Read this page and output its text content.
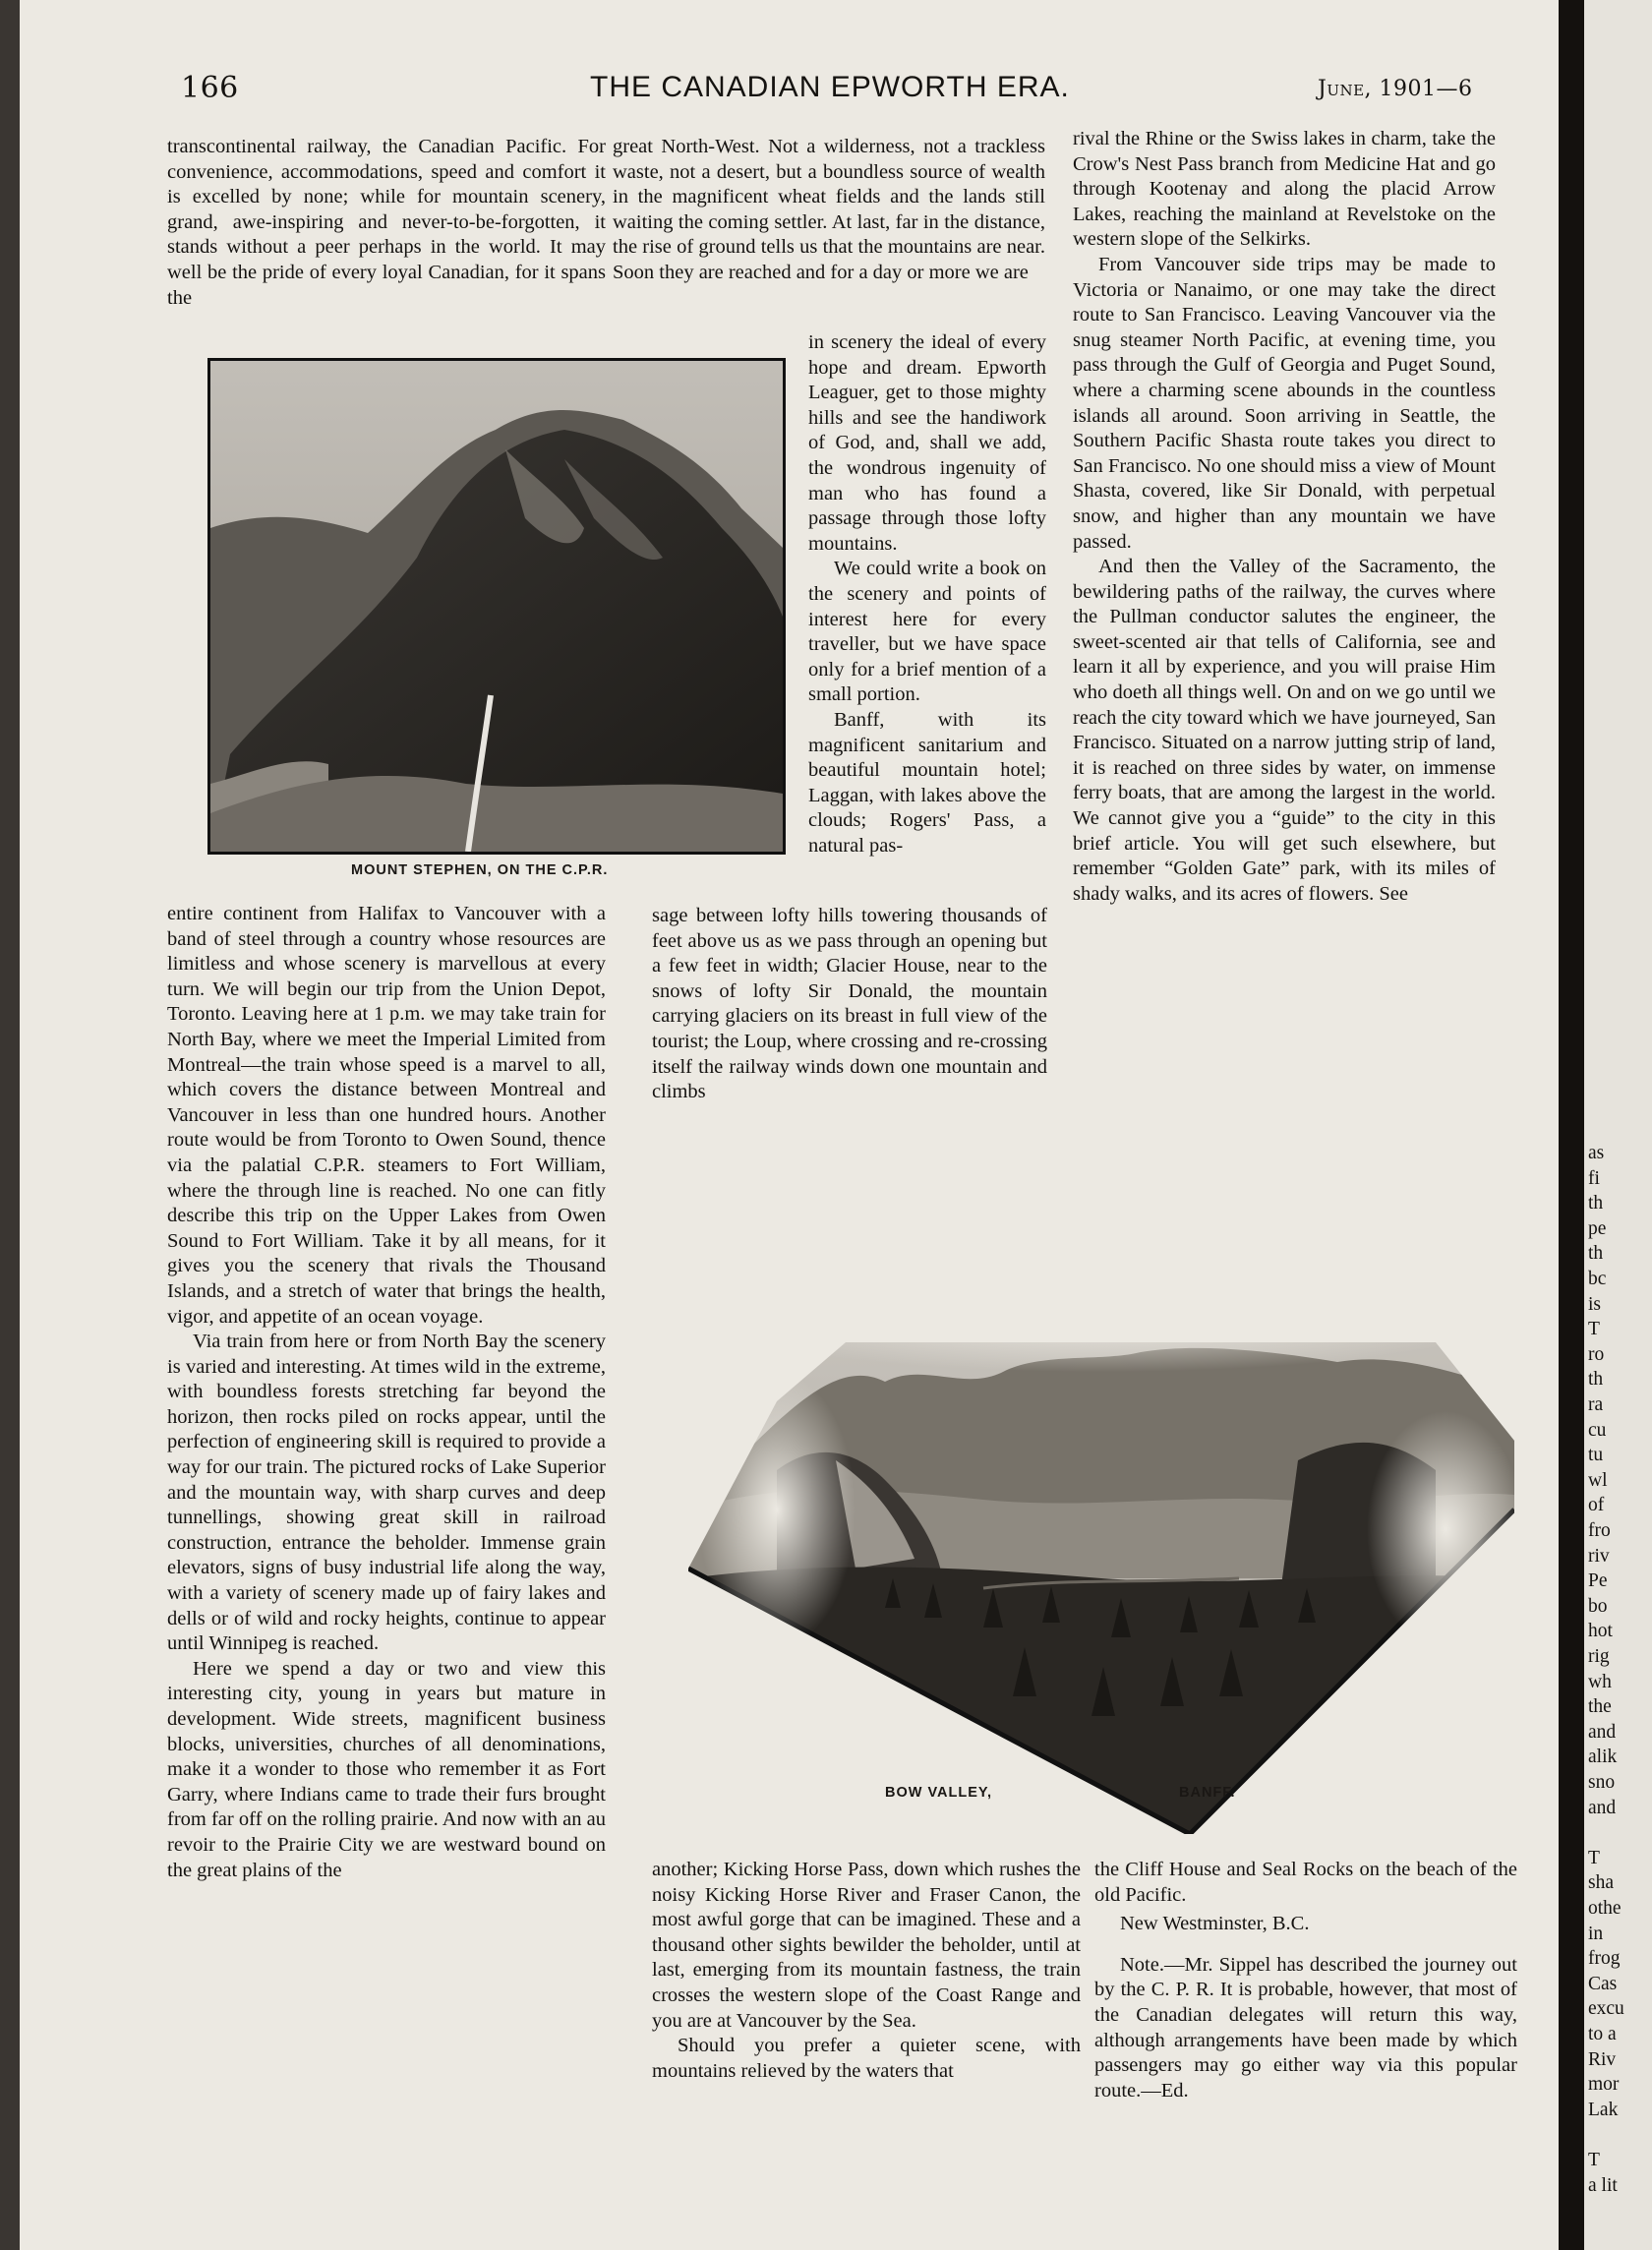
166	THE CANADIAN EPWORTH ERA.	June, 1901—6

transcontinental railway, the Canadian Pacific. For convenience, accommodations, speed and comfort it is excelled by none; while for mountain scenery, grand, awe-inspiring and never-to-be-forgotten, it stands without a peer perhaps in the world. It may well be the pride of every loyal Canadian, for it spans the

great North-West. Not a wilderness, not a trackless waste, not a desert, but a boundless source of wealth in the magnificent wheat fields and the lands still waiting the coming settler. At last, far in the distance, the rise of ground tells us that the mountains are near. Soon they are reached and for a day or more we are

in scenery the ideal of every hope and dream. Epworth Leaguer, get to those mighty hills and see the handiwork of God, and, shall we add, the wondrous ingenuity of man who has found a passage through those lofty mountains.

We could write a book on the scenery and points of interest here for every traveller, but we have space only for a brief mention of a small portion.

Banff, with its magnificent sanitarium and beautiful mountain hotel; Laggan, with lakes above the clouds; Rogers' Pass, a natural pas-

sage between lofty hills towering thousands of feet above us as we pass through an opening but a few feet in width; Glacier House, near to the snows of lofty Sir Donald, the mountain carrying glaciers on its breast in full view of the tourist; the Loup, where crossing and re-crossing itself the railway winds down one mountain and climbs

rival the Rhine or the Swiss lakes in charm, take the Crow's Nest Pass branch from Medicine Hat and go through Kootenay and along the placid Arrow Lakes, reaching the mainland at Revelstoke on the western slope of the Selkirks.

From Vancouver side trips may be made to Victoria or Nanaimo, or one may take the direct route to San Francisco. Leaving Vancouver via the snug steamer North Pacific, at evening time, you pass through the Gulf of Georgia and Puget Sound, where a charming scene abounds in the countless islands all around. Soon arriving in Seattle, the Southern Pacific Shasta route takes you direct to San Francisco. No one should miss a view of Mount Shasta, covered, like Sir Donald, with perpetual snow, and higher than any mountain we have passed.

And then the Valley of the Sacramento, the bewildering paths of the railway, the curves where the Pullman conductor salutes the engineer, the sweet-scented air that tells of California, see and learn it all by experience, and you will praise Him who doeth all things well. On and on we go until we reach the city toward which we have journeyed, San Francisco. Situated on a narrow jutting strip of land, it is reached on three sides by water, on immense ferry boats, that are among the largest in the world. We cannot give you a “guide” to the city in this brief article. You will get such elsewhere, but remember “Golden Gate” park, with its miles of shady walks, and its acres of flowers. See

MOUNT STEPHEN, ON THE C.P.R.

entire continent from Halifax to Vancouver with a band of steel through a country whose resources are limitless and whose scenery is marvellous at every turn. We will begin our trip from the Union Depot, Toronto. Leaving here at 1 p.m. we may take train for North Bay, where we meet the Imperial Limited from Montreal—the train whose speed is a marvel to all, which covers the distance between Montreal and Vancouver in less than one hundred hours. Another route would be from Toronto to Owen Sound, thence via the palatial C.P.R. steamers to Fort William, where the through line is reached. No one can fitly describe this trip on the Upper Lakes from Owen Sound to Fort William. Take it by all means, for it gives you the scenery that rivals the Thousand Islands, and a stretch of water that brings the health, vigor, and appetite of an ocean voyage.

Via train from here or from North Bay the scenery is varied and interesting. At times wild in the extreme, with boundless forests stretching far beyond the horizon, then rocks piled on rocks appear, until the perfection of engineering skill is required to provide a way for our train. The pictured rocks of Lake Superior and the mountain way, with sharp curves and deep tunnellings, showing great skill in railroad construction, entrance the beholder. Immense grain elevators, signs of busy industrial life along the way, with a variety of scenery made up of fairy lakes and dells or of wild and rocky heights, continue to appear until Winnipeg is reached.

Here we spend a day or two and view this interesting city, young in years but mature in development. Wide streets, magnificent business blocks, universities, churches of all denominations, make it a wonder to those who remember it as Fort Garry, where Indians came to trade their furs brought from far off on the rolling prairie. And now with an au revoir to the Prairie City we are westward bound on the great plains of the

BOW VALLEY,	BANFF.

another; Kicking Horse Pass, down which rushes the noisy Kicking Horse River and Fraser Canon, the most awful gorge that can be imagined. These and a thousand other sights bewilder the beholder, until at last, emerging from its mountain fastness, the train crosses the western slope of the Coast Range and you are at Vancouver by the Sea.

Should you prefer a quieter scene, with mountains relieved by the waters that

the Cliff House and Seal Rocks on the beach of the old Pacific.

New Westminster, B.C.

Note.—Mr. Sippel has described the journey out by the C. P. R. It is probable, however, that most of the Canadian delegates will return this way, although arrangements have been made by which passengers may go either way via this popular route.—Ed.

as
fi
th
pe
th
bc
is
T
ro
th
ra
cu
tu
wl
of
fro
riv
Pe
bo
hot
rig
wh
the
and
alik
sno
and
T
sha
othe
in
frog
Cas
excu
to a
Riv
mor
Lak
T
a lit
